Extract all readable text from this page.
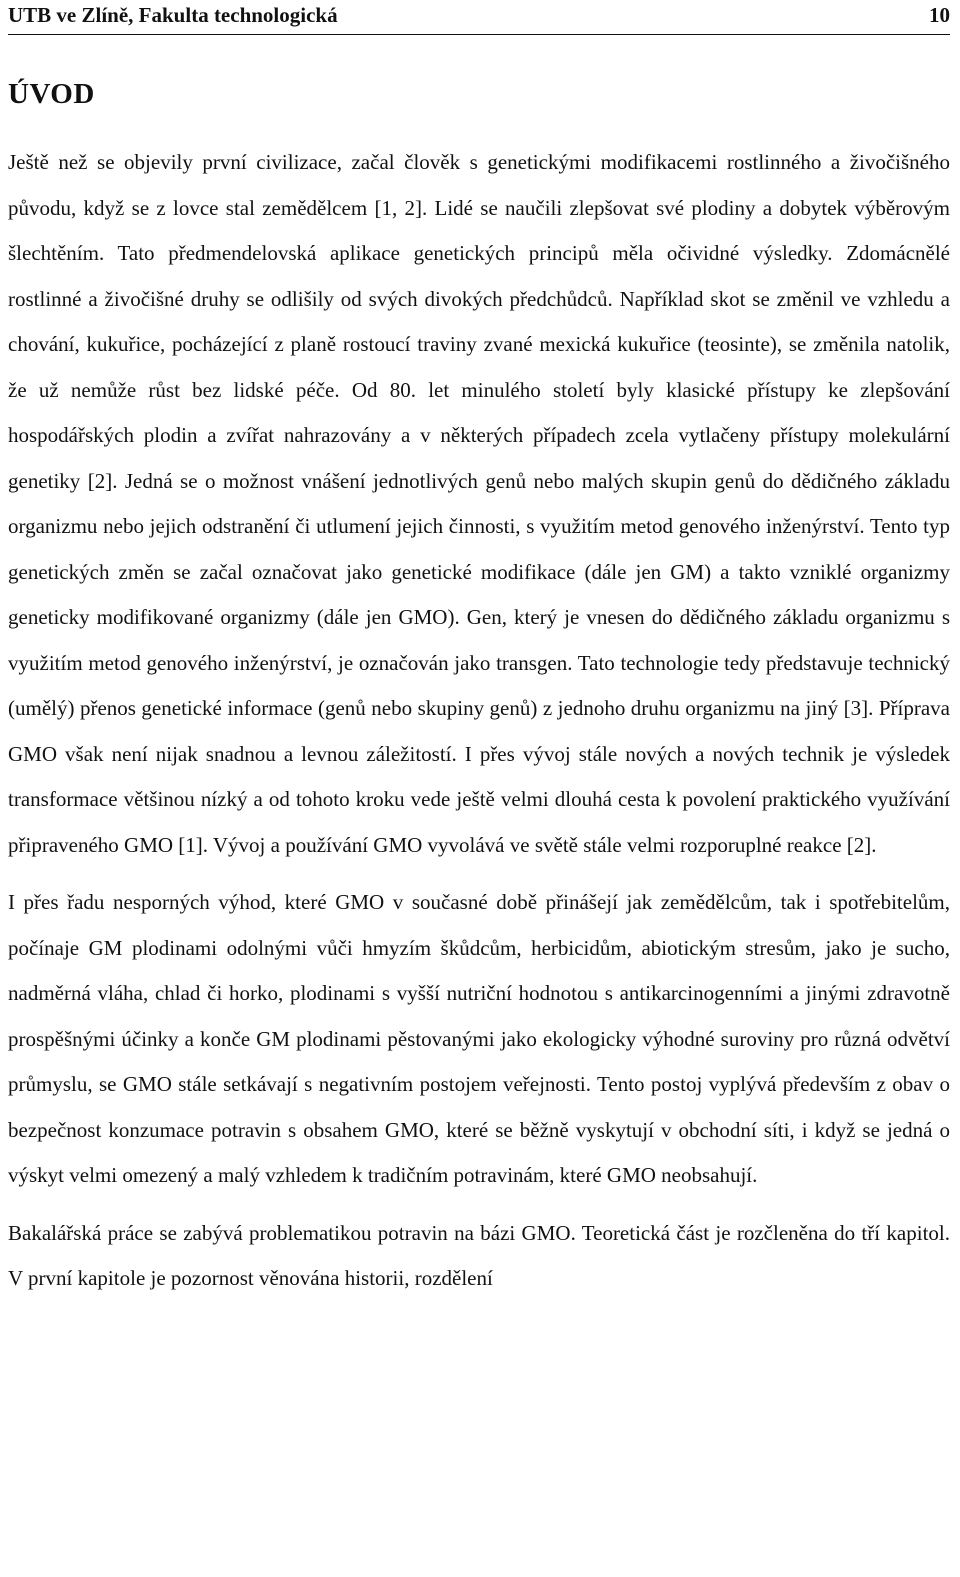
UTB ve Zlíně, Fakulta technologická	10
ÚVOD

Ještě než se objevily první civilizace, začal člověk s genetickými modifikacemi rostlinného a živočišného původu, když se z lovce stal zemědělcem [1, 2]. Lidé se naučili zlepšovat své plodiny a dobytek výběrovým šlechtěním. Tato předmendelovská aplikace genetických principů měla očividné výsledky. Zdomácnělé rostlinné a živočišné druhy se odlišily od svých divokých předchůdců. Například skot se změnil ve vzhledu a chování, kukuřice, pocházející z planě rostoucí traviny zvané mexická kukuřice (teosinte), se změnila natolik, že už nemůže růst bez lidské péče. Od 80. let minulého století byly klasické přístupy ke zlepšování hospodářských plodin a zvířat nahrazovány a v některých případech zcela vytlačeny přístupy molekulární genetiky [2]. Jedná se o možnost vnášení jednotlivých genů nebo malých skupin genů do dědičného základu organizmu nebo jejich odstranění či utlumení jejich činnosti, s využitím metod genového inženýrství. Tento typ genetických změn se začal označovat jako genetické modifikace (dále jen GM) a takto vzniklé organizmy geneticky modifikované organizmy (dále jen GMO). Gen, který je vnesen do dědičného základu organizmu s využitím metod genového inženýrství, je označován jako transgen. Tato technologie tedy představuje technický (umělý) přenos genetické informace (genů nebo skupiny genů) z jednoho druhu organizmu na jiný [3]. Příprava GMO však není nijak snadnou a levnou záležitostí. I přes vývoj stále nových a nových technik je výsledek transformace většinou nízký a od tohoto kroku vede ještě velmi dlouhá cesta k povolení praktického využívání připraveného GMO [1]. Vývoj a používání GMO vyvolává ve světě stále velmi rozporuplné reakce [2].

I přes řadu nesporných výhod, které GMO v současné době přinášejí jak zemědělcům, tak i spotřebitelům, počínaje GM plodinami odolnými vůči hmyzím škůdcům, herbicidům, abiotickým stresům, jako je sucho, nadměrná vláha, chlad či horko, plodinami s vyšší nutriční hodnotou s antikarcinogenními a jinými zdravotně prospěšnými účinky a konče GM plodinami pěstovanými jako ekologicky výhodné suroviny pro různá odvětví průmyslu, se GMO stále setkávají s negativním postojem veřejnosti. Tento postoj vyplývá především z obav o bezpečnost konzumace potravin s obsahem GMO, které se běžně vyskytují v obchodní síti, i když se jedná o výskyt velmi omezený a malý vzhledem k tradičním potravinám, které GMO neobsahují.

Bakalářská práce se zabývá problematikou potravin na bázi GMO. Teoretická část je rozčleněna do tří kapitol. V první kapitole je pozornost věnována historii, rozdělení
